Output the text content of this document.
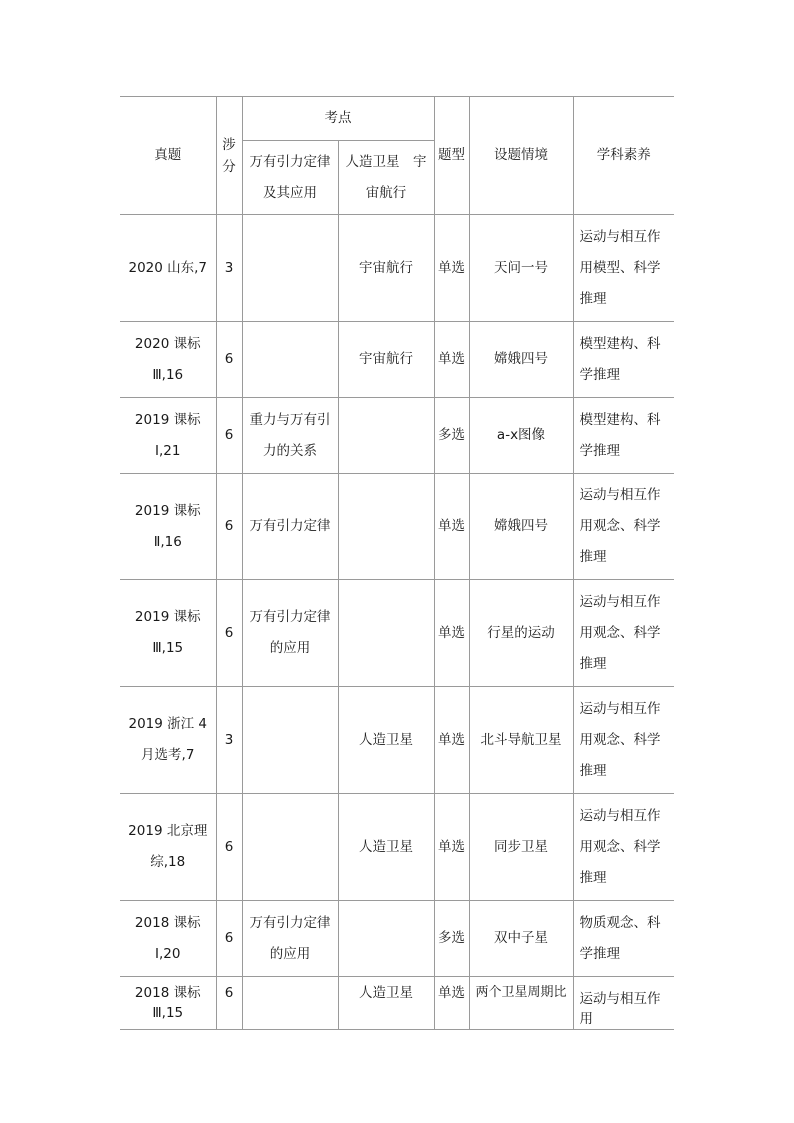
真题	涉分	考点		题型	设题情境	学科素养
		万有引力定律及其应用	人造卫星　宇宙航行			
2020 山东,7	3		宇宙航行	单选	天问一号	运动与相互作用模型、科学推理
2020 课标Ⅲ,16	6		宇宙航行	单选	嫦娥四号	模型建构、科学推理
2019 课标Ⅰ,21	6	重力与万有引力的关系		多选	a-x图像	模型建构、科学推理
2019 课标Ⅱ,16	6	万有引力定律		单选	嫦娥四号	运动与相互作用观念、科学推理
2019 课标Ⅲ,15	6	万有引力定律的应用		单选	行星的运动	运动与相互作用观念、科学推理
2019 浙江 4 月选考,7	3		人造卫星	单选	北斗导航卫星	运动与相互作用观念、科学推理
2019 北京理综,18	6		人造卫星	单选	同步卫星	运动与相互作用观念、科学推理
2018 课标Ⅰ,20	6	万有引力定律的应用		多选	双中子星	物质观念、科学推理
2018 课标Ⅲ,15	6		人造卫星	单选	两个卫星周期比	运动与相互作用
